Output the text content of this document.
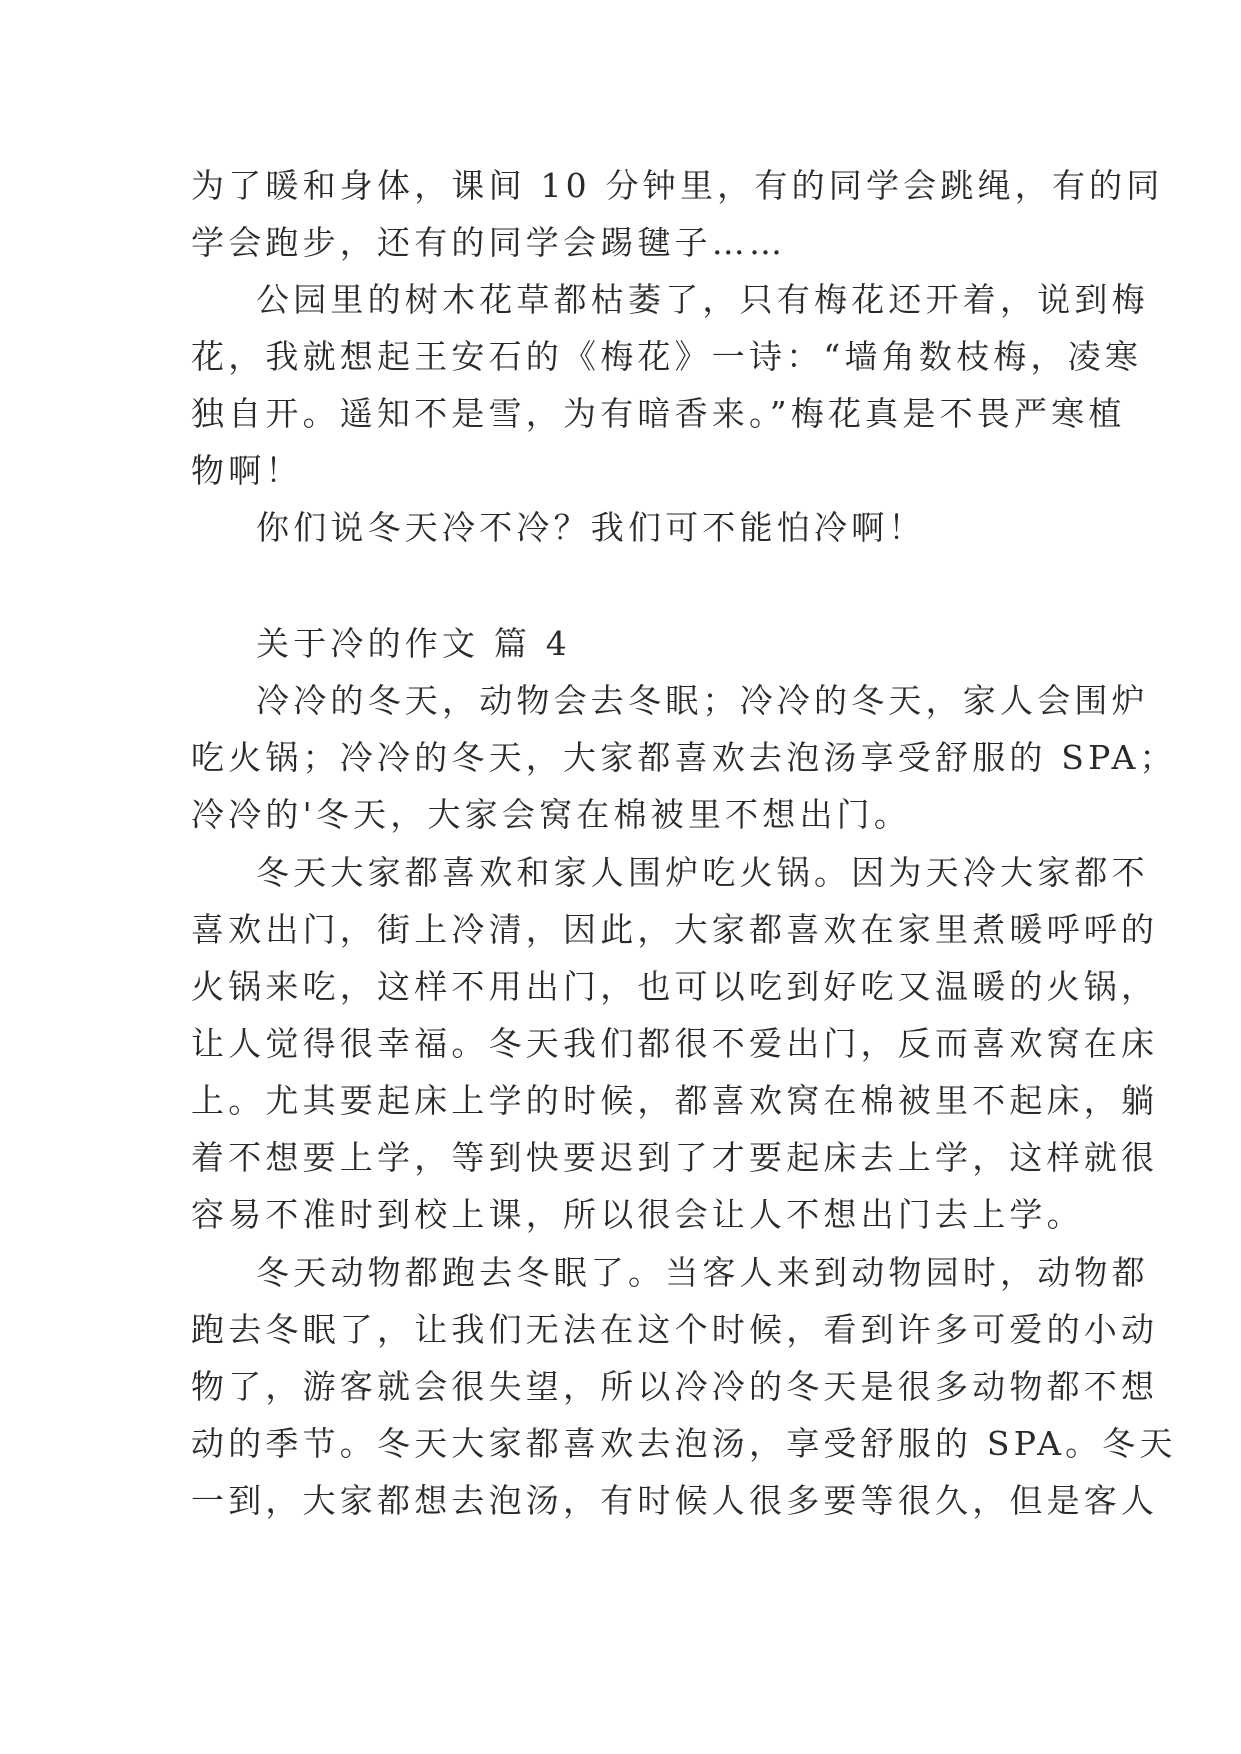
为了暖和身体，课间 10 分钟里，有的同学会跳绳，有的同
学会跑步，还有的同学会踢毽子……
公园里的树木花草都枯萎了，只有梅花还开着，说到梅
花，我就想起王安石的《梅花》一诗：“墙角数枝梅，凌寒
独自开。遥知不是雪，为有暗香来。”梅花真是不畏严寒植
物啊！
你们说冬天冷不冷？我们可不能怕冷啊！
关于冷的作文 篇 4
冷冷的冬天，动物会去冬眠；冷冷的冬天，家人会围炉
吃火锅；冷冷的冬天，大家都喜欢去泡汤享受舒服的 SPA；
冷冷的'冬天，大家会窝在棉被里不想出门。
冬天大家都喜欢和家人围炉吃火锅。因为天冷大家都不
喜欢出门，街上冷清，因此，大家都喜欢在家里煮暖呼呼的
火锅来吃，这样不用出门，也可以吃到好吃又温暖的火锅，
让人觉得很幸福。冬天我们都很不爱出门，反而喜欢窝在床
上。尤其要起床上学的时候，都喜欢窝在棉被里不起床，躺
着不想要上学，等到快要迟到了才要起床去上学，这样就很
容易不准时到校上课，所以很会让人不想出门去上学。
冬天动物都跑去冬眠了。当客人来到动物园时，动物都
跑去冬眠了，让我们无法在这个时候，看到许多可爱的小动
物了，游客就会很失望，所以冷冷的冬天是很多动物都不想
动的季节。冬天大家都喜欢去泡汤，享受舒服的 SPA。冬天
一到，大家都想去泡汤，有时候人很多要等很久，但是客人
